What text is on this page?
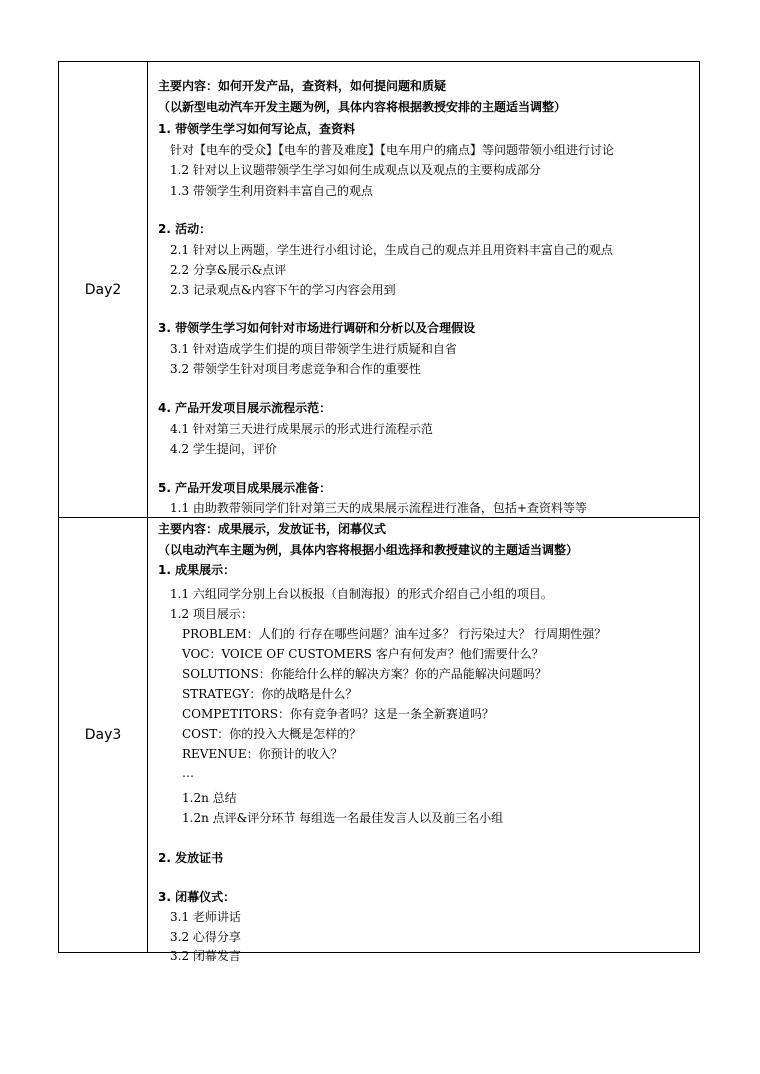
Day2
主要内容：如何开发产品，查资料，如何提问题和质疑
（以新型电动汽车开发主题为例，具体内容将根据教授安排的主题适当调整）
1. 带领学生学习如何写论点，查资料
针对【电车的受众】【电车的普及难度】【电车用户的痛点】等问题带领小组进行讨论
1.2 针对以上议题带领学生学习如何生成观点以及观点的主要构成部分
1.3 带领学生利用资料丰富自己的观点
2. 活动：
2.1 针对以上两题，学生进行小组讨论，生成自己的观点并且用资料丰富自己的观点
2.2 分享&展示&点评
2.3 记录观点&内容下午的学习内容会用到
3. 带领学生学习如何针对市场进行调研和分析以及合理假设
3.1 针对造成学生们提的项目带领学生进行质疑和自省
3.2 带领学生针对项目考虑竞争和合作的重要性
4. 产品开发项目展示流程示范：
4.1 针对第三天进行成果展示的形式进行流程示范
4.2 学生提问，评价
5. 产品开发项目成果展示准备：
1.1 由助教带领同学们针对第三天的成果展示流程进行准备，包括+查资料等等
Day3
主要内容：成果展示，发放证书，闭幕仪式
（以电动汽车主题为例，具体内容将根据小组选择和教授建议的主题适当调整）
1. 成果展示：
1.1 六组同学分别上台以板报（自制海报）的形式介绍自己小组的项目。
1.2 项目展示：
PROBLEM：人们的 行存在哪些问题？油车过多？ 行污染过大？ 行周期性强？
VOC：VOICE OF CUSTOMERS 客户有何发声？他们需要什么？
SOLUTIONS：你能给什么样的解决方案？你的产品能解决问题吗？
STRATEGY：你的战略是什么？
COMPETITORS：你有竞争者吗？这是一条全新赛道吗？
COST：你的投入大概是怎样的？
REVENUE：你预计的收入？
…
1.2n 总结
1.2n 点评&评分环节 每组选一名最佳发言人以及前三名小组
2. 发放证书
3. 闭幕仪式：
3.1 老师讲话
3.2 心得分享
3.2 闭幕发言
